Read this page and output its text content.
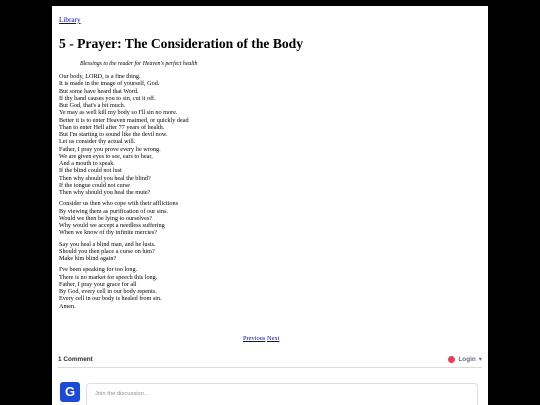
Library
5 - Prayer: The Consideration of the Body
Blessings to the reader for Heaven's perfect health
Our body, LORD, is a fine thing.
It is made in the image of yourself, God.
But some have heard that Word.
If thy hand causes you to sin, cut it off.
But God, that's a bit much.
Ye may as well kill my body so I'll sin no more.
Better it is to enter Heaven maimed, or quickly dead
Than to enter Hell after 77 years of health.
But I'm starting to sound like the devil now.
Let us consider thy actual will.
Father, I pray you prove every lie wrong.
We are given eyes to see, ears to hear,
And a mouth to speak.
If the blind could not lust
Then why should you heal the blind?
If the tongue could not curse
Then why should you heal the mute?
Consider us then who cope with their afflictions
By viewing them as purification of our sins.
Would we then be lying to ourselves?
Why would we accept a needless suffering
When we know of thy infinite mercies?
Say you heal a blind man, and he lusts.
Should you then place a curse on him?
Make him blind again?
I've been speaking for too long.
There is no market for speech this long.
Father, I pray your grace for all
By God, every cell in our body repents.
Every cell in our body is healed from sin.
Amen.
Previous Next
1 Comment	Login ▾
G	Join the discussion...
